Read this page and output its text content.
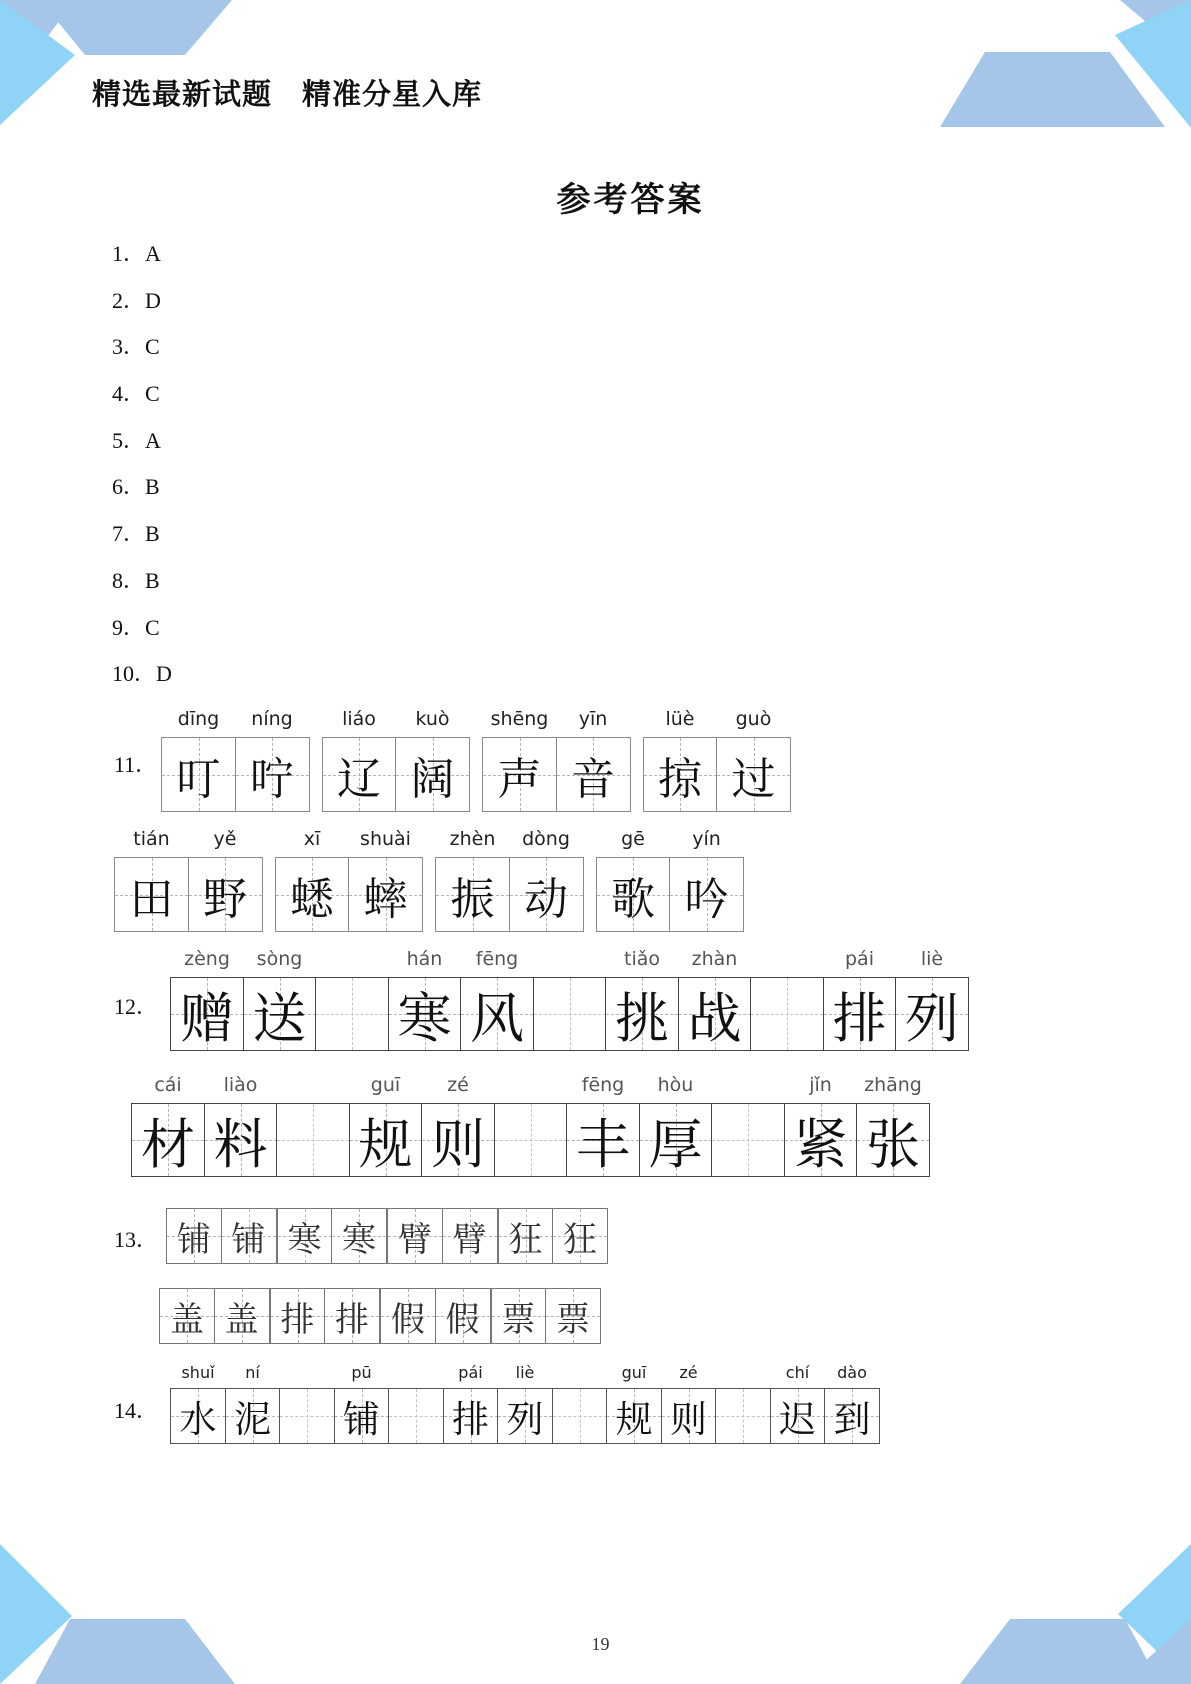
精选最新试题　精准分星入库
参考答案
1．A
2．D
3．C
4．C
5．A
6．B
7．B
8．B
9．C
10．D
11．
dīng
叮
níng
咛
liáo
辽
kuò
阔
shēng
声
yīn
音
lüè
掠
guò
过
tián
田
yě
野
xī
蟋
shuài
蟀
zhèn
振
dòng
动
gē
歌
yín
吟
12．
zèng
赠
sòng
送
hán
寒
fēng
风
tiǎo
挑
zhàn
战
pái
排
liè
列
cái
材
liào
料
guī
规
zé
则
fēng
丰
hòu
厚
jǐn
紧
zhāng
张
13． 铺 铺 寒 寒 臂 臂 狂 狂
盖 盖 排 排 假 假 票 票
14．
shuǐ
水
ní
泥
pū
铺
pái
排
liè
列
guī
规
zé
则
chí
迟
dào
到
19
